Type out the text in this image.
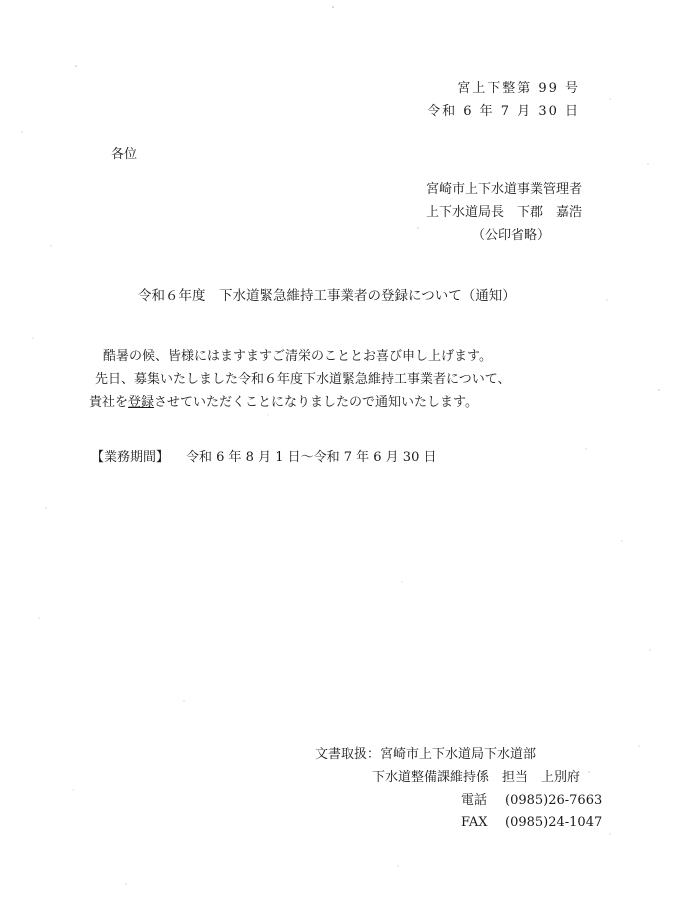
宮上下整第 99 号
令和 6 年 7 月 30 日
各位
宮崎市上下水道事業管理者
上下水道局長　下郡　嘉浩
（公印省略）
令和６年度　下水道緊急維持工事業者の登録について（通知）
酷暑の候、皆様にはますますご清栄のこととお喜び申し上げます。
先日、募集いたしました令和６年度下水道緊急維持工事業者について、
貴社を登録させていただくことになりましたので通知いたします。
【業務期間】 令和 6 年 8 月 1 日～令和 7 年 6 月 30 日
文書取扱：宮崎市上下水道局下水道部
下水道整備課維持係　担当　上別府
電話 (0985)26-7663
FAX (0985)24-1047
